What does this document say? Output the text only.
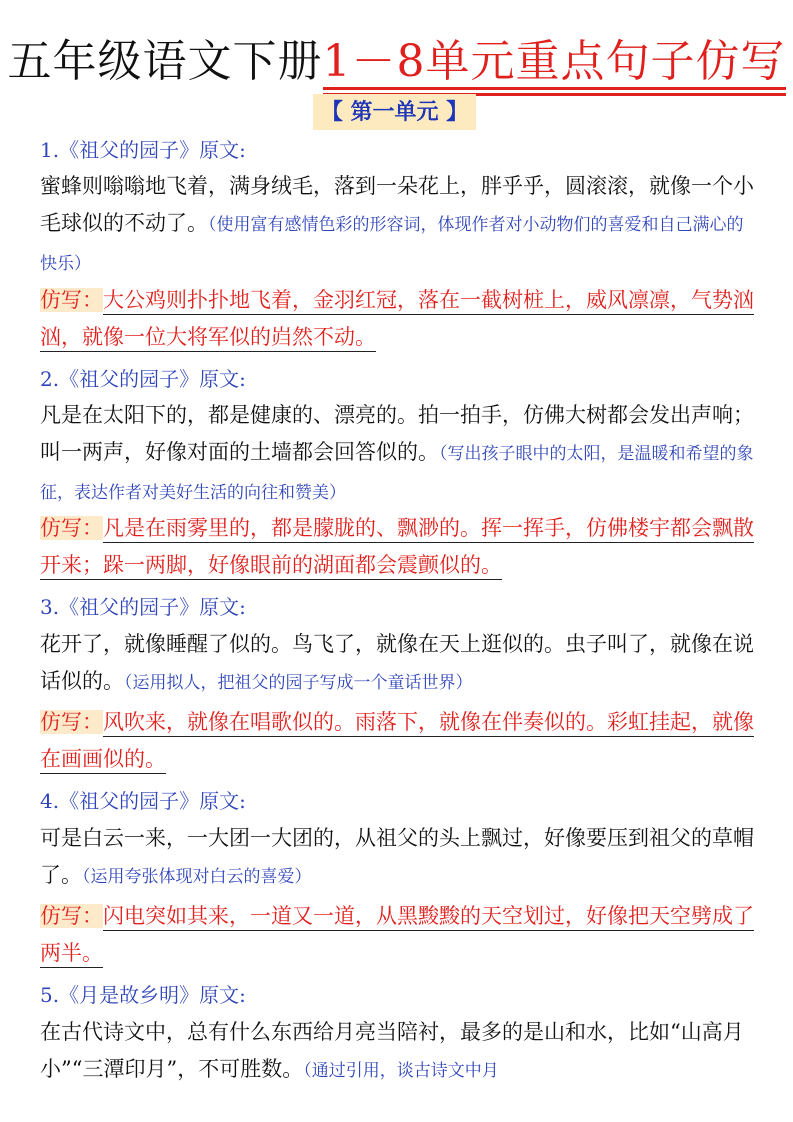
五年级语文下册1－8单元重点句子仿写
【 第一单元 】
1.《祖父的园子》原文:
蜜蜂则嗡嗡地飞着，满身绒毛，落到一朵花上，胖乎乎，圆滚滚，就像一个小毛球似的不动了。（使用富有感情色彩的形容词，体现作者对小动物们的喜爱和自己满心的快乐）
仿写：大公鸡则扑扑地飞着，金羽红冠，落在一截树桩上，威风凛凛，气势汹汹，就像一位大将军似的岿然不动。
2.《祖父的园子》原文:
凡是在太阳下的，都是健康的、漂亮的。拍一拍手，仿佛大树都会发出声响；叫一两声，好像对面的土墙都会回答似的。（写出孩子眼中的太阳，是温暖和希望的象征，表达作者对美好生活的向往和赞美）
仿写：凡是在雨雾里的，都是朦胧的、飘渺的。挥一挥手，仿佛楼宇都会飘散开来；跺一两脚，好像眼前的湖面都会震颤似的。
3.《祖父的园子》原文:
花开了，就像睡醒了似的。鸟飞了，就像在天上逛似的。虫子叫了，就像在说话似的。（运用拟人，把祖父的园子写成一个童话世界）
仿写：风吹来，就像在唱歌似的。雨落下，就像在伴奏似的。彩虹挂起，就像在画画似的。
4.《祖父的园子》原文:
可是白云一来，一大团一大团的，从祖父的头上飘过，好像要压到祖父的草帽了。（运用夸张体现对白云的喜爱）
仿写：闪电突如其来，一道又一道，从黑黢黢的天空划过，好像把天空劈成了两半。
5.《月是故乡明》原文:
在古代诗文中，总有什么东西给月亮当陪衬，最多的是山和水，比如“山高月小”“三潭印月”，不可胜数。（通过引用，谈古诗文中月
